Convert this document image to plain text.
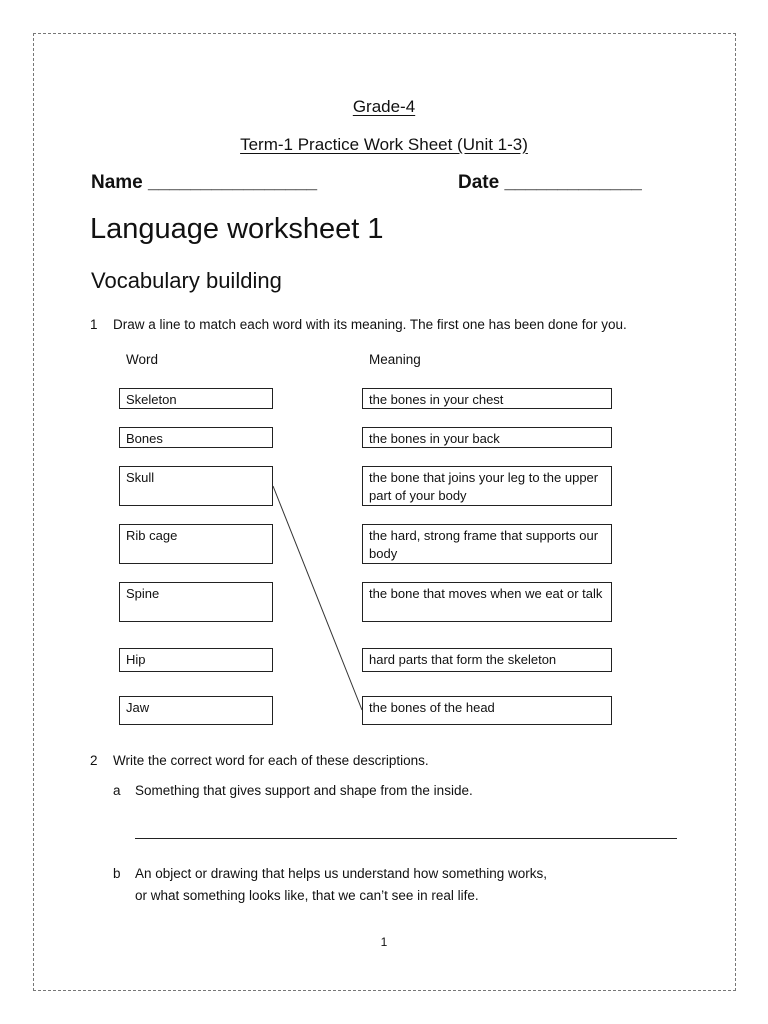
Grade-4
Term-1 Practice Work Sheet (Unit 1-3)
Name ________________	Date _____________
Language worksheet 1
Vocabulary building
1 Draw a line to match each word with its meaning. The first one has been done for you.
Word	Meaning
Skeleton
Bones
Skull
Rib cage
Spine
Hip
Jaw
the bones in your chest
the bones in your back
the bone that joins your leg to the upper part of your body
the hard, strong frame that supports our body
the bone that moves when we eat or talk
hard parts that form the skeleton
the bones of the head
2 Write the correct word for each of these descriptions.
a Something that gives support and shape from the inside.
b An object or drawing that helps us understand how something works,
or what something looks like, that we can’t see in real life.
1
